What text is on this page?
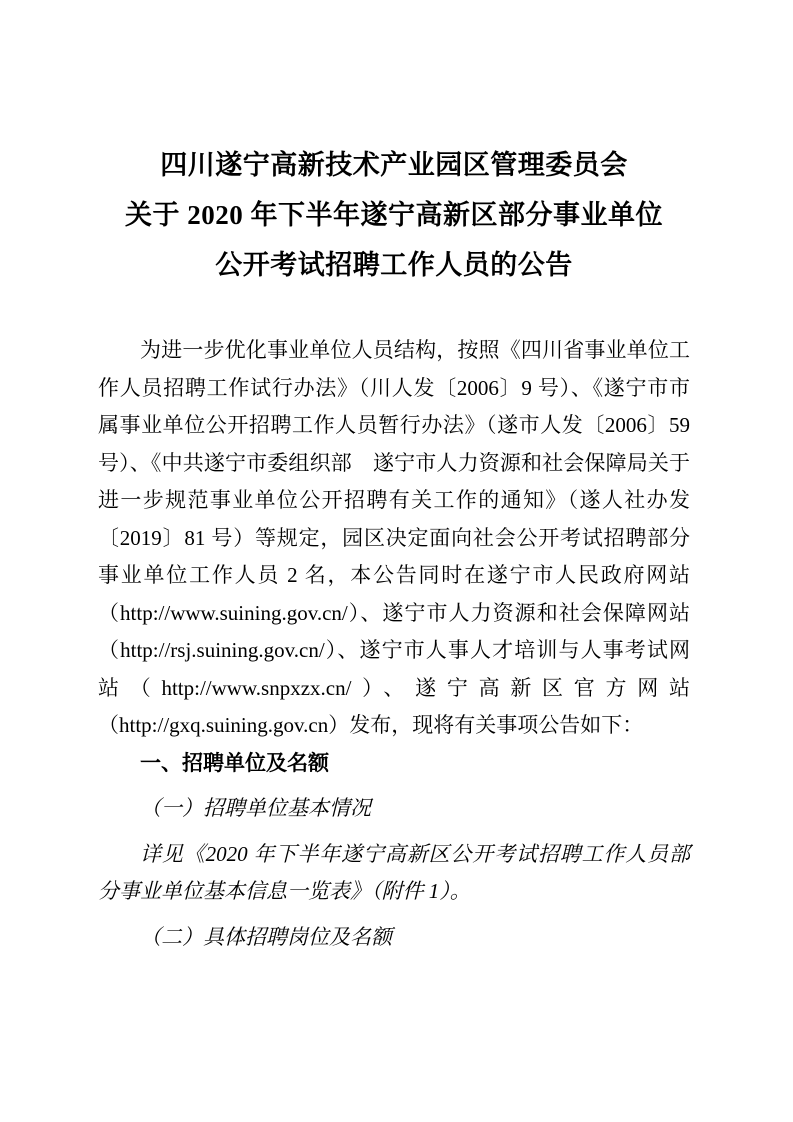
四川遂宁高新技术产业园区管理委员会
关于 2020 年下半年遂宁高新区部分事业单位
公开考试招聘工作人员的公告
为进一步优化事业单位人员结构，按照《四川省事业单位工
作人员招聘工作试行办法》（川人发〔2006〕9 号）、《遂宁市市
属事业单位公开招聘工作人员暂行办法》（遂市人发〔2006〕59
号）、《中共遂宁市委组织部　遂宁市人力资源和社会保障局关于
进一步规范事业单位公开招聘有关工作的通知》（遂人社办发
〔2019〕81 号）等规定，园区决定面向社会公开考试招聘部分
事业单位工作人员 2 名，本公告同时在遂宁市人民政府网站
（http://www.suining.gov.cn/）、遂宁市人力资源和社会保障网站
（http://rsj.suining.gov.cn/）、遂宁市人事人才培训与人事考试网
站（http://www.snpxzx.cn/）、遂宁高新区官方网站
（http://gxq.suining.gov.cn）发布，现将有关事项公告如下：
一、招聘单位及名额
（一）招聘单位基本情况
详见《2020 年下半年遂宁高新区公开考试招聘工作人员部
分事业单位基本信息一览表》（附件 1）。
（二）具体招聘岗位及名额
